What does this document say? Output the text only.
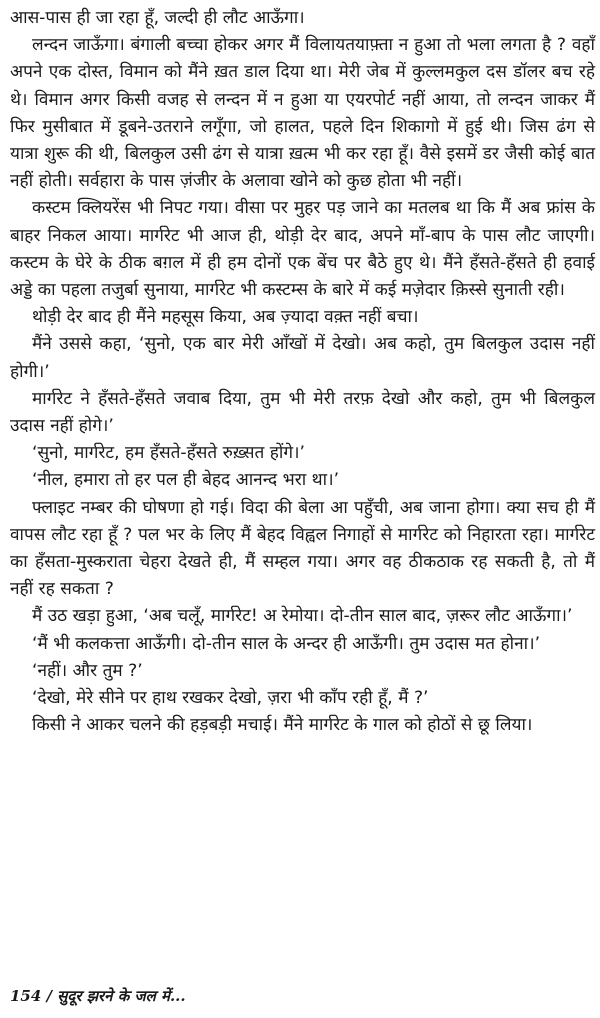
आस-पास ही जा रहा हूँ, जल्दी ही लौट आऊँगा।

लन्दन जाऊँगा। बंगाली बच्चा होकर अगर मैं विलायतयाफ़्ता न हुआ तो भला लगता है ? वहाँ अपने एक दोस्त, विमान को मैंने ख़त डाल दिया था। मेरी जेब में कुल्लमकुल दस डॉलर बच रहे थे। विमान अगर किसी वजह से लन्दन में न हुआ या एयरपोर्ट नहीं आया, तो लन्दन जाकर मैं फिर मुसीबात में डूबने-उतराने लगूँगा, जो हालत, पहले दिन शिकागो में हुई थी। जिस ढंग से यात्रा शुरू की थी, बिलकुल उसी ढंग से यात्रा ख़त्म भी कर रहा हूँ। वैसे इसमें डर जैसी कोई बात नहीं होती। सर्वहारा के पास ज़ंजीर के अलावा खोने को कुछ होता भी नहीं।

कस्टम क्लियरेंस भी निपट गया। वीसा पर मुहर पड़ जाने का मतलब था कि मैं अब फ्रांस के बाहर निकल आया। मार्गरेट भी आज ही, थोड़ी देर बाद, अपने माँ-बाप के पास लौट जाएगी। कस्टम के घेरे के ठीक बग़ल में ही हम दोनों एक बेंच पर बैठे हुए थे। मैंने हँसते-हँसते ही हवाई अड्डे का पहला तजुर्बा सुनाया, मार्गरेट भी कस्टम्स के बारे में कई मज़ेदार क़िस्से सुनाती रही।

थोड़ी देर बाद ही मैंने महसूस किया, अब ज़्यादा वक़्त नहीं बचा।

मैंने उससे कहा, ‘सुनो, एक बार मेरी आँखों में देखो। अब कहो, तुम बिलकुल उदास नहीं होगी।’

मार्गरेट ने हँसते-हँसते जवाब दिया, तुम भी मेरी तरफ़ देखो और कहो, तुम भी बिलकुल उदास नहीं होगे।’

‘सुनो, मार्गरेट, हम हँसते-हँसते रुख़्सत होंगे।’

‘नील, हमारा तो हर पल ही बेहद आनन्द भरा था।’

फ्लाइट नम्बर की घोषणा हो गई। विदा की बेला आ पहुँची, अब जाना होगा। क्या सच ही मैं वापस लौट रहा हूँ ? पल भर के लिए मैं बेहद विह्वल निगाहों से मार्गरेट को निहारता रहा। मार्गरेट का हँसता-मुस्कराता चेहरा देखते ही, मैं सम्हल गया। अगर वह ठीकठाक रह सकती है, तो मैं नहीं रह सकता ?

मैं उठ खड़ा हुआ, ‘अब चलूँ, मार्गरेट! अ रेमोया। दो-तीन साल बाद, ज़रूर लौट आऊँगा।’

‘मैं भी कलकत्ता आऊँगी। दो-तीन साल के अन्दर ही आऊँगी। तुम उदास मत होना।’

‘नहीं। और तुम ?’

‘देखो, मेरे सीने पर हाथ रखकर देखो, ज़रा भी काँप रही हूँ, मैं ?’

किसी ने आकर चलने की हड़बड़ी मचाई। मैंने मार्गरेट के गाल को होठों से छू लिया।

154 / सुदूर झरने के जल में...
